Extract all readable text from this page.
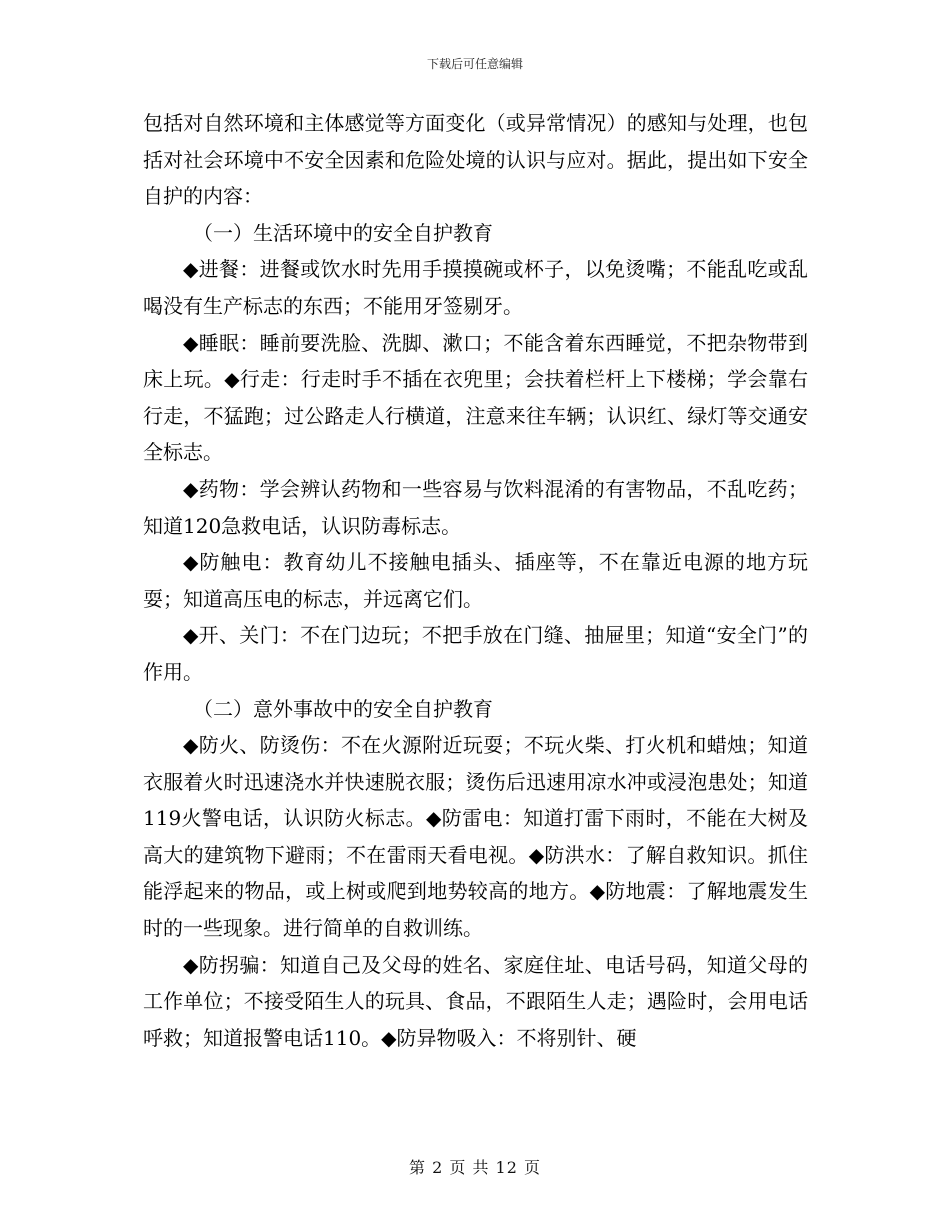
下载后可任意编辑

包括对自然环境和主体感觉等方面变化（或异常情况）的感知与处理，也包括对社会环境中不安全因素和危险处境的认识与应对。据此，提出如下安全自护的内容：

（一）生活环境中的安全自护教育

◆进餐：进餐或饮水时先用手摸摸碗或杯子，以免烫嘴；不能乱吃或乱喝没有生产标志的东西；不能用牙签剔牙。

◆睡眠：睡前要洗脸、洗脚、漱口；不能含着东西睡觉，不把杂物带到床上玩。◆行走：行走时手不插在衣兜里；会扶着栏杆上下楼梯；学会靠右行走，不猛跑；过公路走人行横道，注意来往车辆；认识红、绿灯等交通安全标志。

◆药物：学会辨认药物和一些容易与饮料混淆的有害物品，不乱吃药；知道120急救电话，认识防毒标志。

◆防触电：教育幼儿不接触电插头、插座等，不在靠近电源的地方玩耍；知道高压电的标志，并远离它们。

◆开、关门：不在门边玩；不把手放在门缝、抽屉里；知道“安全门”的作用。

（二）意外事故中的安全自护教育

◆防火、防烫伤：不在火源附近玩耍；不玩火柴、打火机和蜡烛；知道衣服着火时迅速浇水并快速脱衣服；烫伤后迅速用凉水冲或浸泡患处；知道119火警电话，认识防火标志。◆防雷电：知道打雷下雨时，不能在大树及高大的建筑物下避雨；不在雷雨天看电视。◆防洪水：了解自救知识。抓住能浮起来的物品，或上树或爬到地势较高的地方。◆防地震：了解地震发生时的一些现象。进行简单的自救训练。

◆防拐骗：知道自己及父母的姓名、家庭住址、电话号码，知道父母的工作单位；不接受陌生人的玩具、食品，不跟陌生人走；遇险时，会用电话呼救；知道报警电话110。◆防异物吸入：不将别针、硬

第 2 页 共 12 页
